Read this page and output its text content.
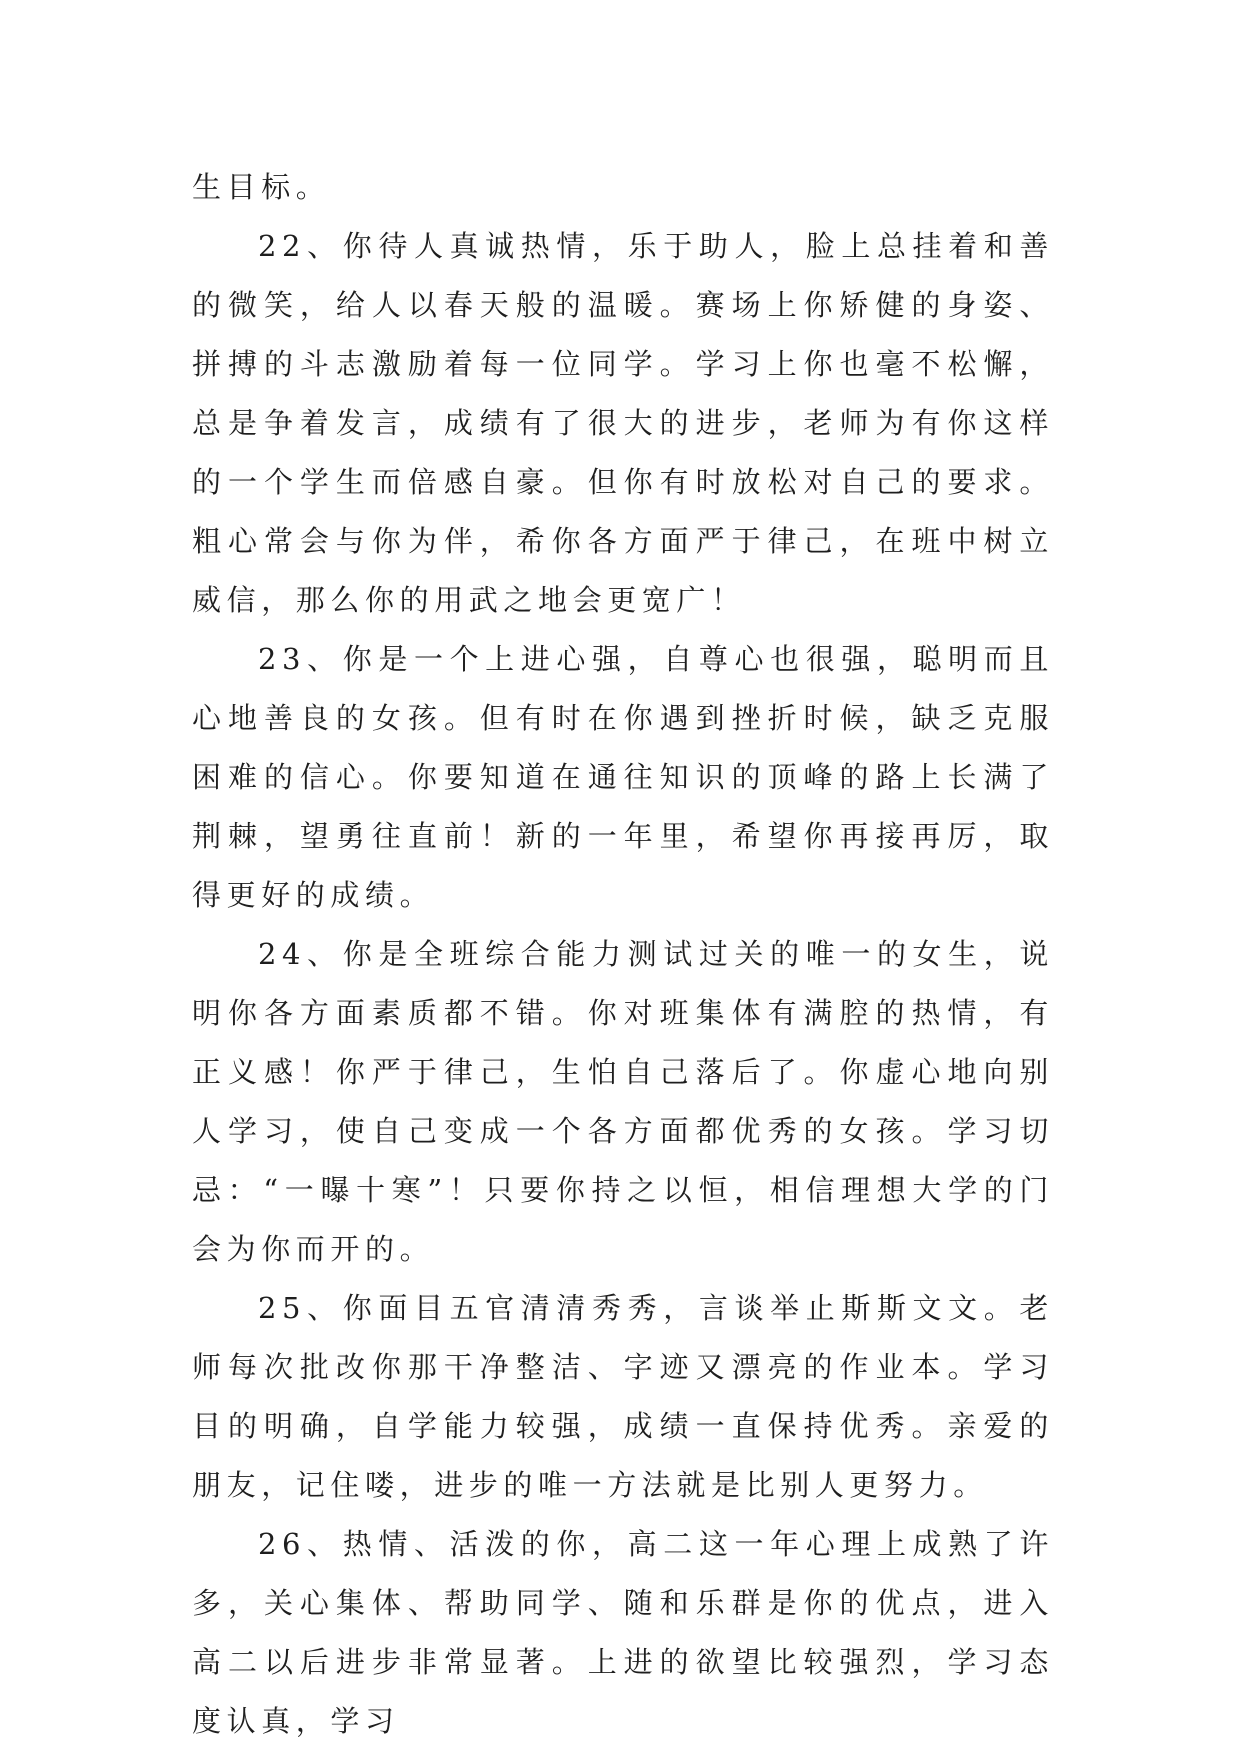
生目标。

22、你待人真诚热情，乐于助人，脸上总挂着和善的微笑，给人以春天般的温暖。赛场上你矫健的身姿、拼搏的斗志激励着每一位同学。学习上你也毫不松懈，总是争着发言，成绩有了很大的进步，老师为有你这样的一个学生而倍感自豪。但你有时放松对自己的要求。粗心常会与你为伴，希你各方面严于律己，在班中树立威信，那么你的用武之地会更宽广！

23、你是一个上进心强，自尊心也很强，聪明而且心地善良的女孩。但有时在你遇到挫折时候，缺乏克服困难的信心。你要知道在通往知识的顶峰的路上长满了荆棘，望勇往直前！新的一年里，希望你再接再厉，取得更好的成绩。

24、你是全班综合能力测试过关的唯一的女生，说明你各方面素质都不错。你对班集体有满腔的热情，有正义感！你严于律己，生怕自己落后了。你虚心地向别人学习，使自己变成一个各方面都优秀的女孩。学习切忌：“一曝十寒”！只要你持之以恒，相信理想大学的门会为你而开的。

25、你面目五官清清秀秀，言谈举止斯斯文文。老师每次批改你那干净整洁、字迹又漂亮的作业本。学习目的明确，自学能力较强，成绩一直保持优秀。亲爱的朋友，记住喽，进步的唯一方法就是比别人更努力。

26、热情、活泼的你，高二这一年心理上成熟了许多，关心集体、帮助同学、随和乐群是你的优点，进入高二以后进步非常显著。上进的欲望比较强烈，学习态度认真，学习
